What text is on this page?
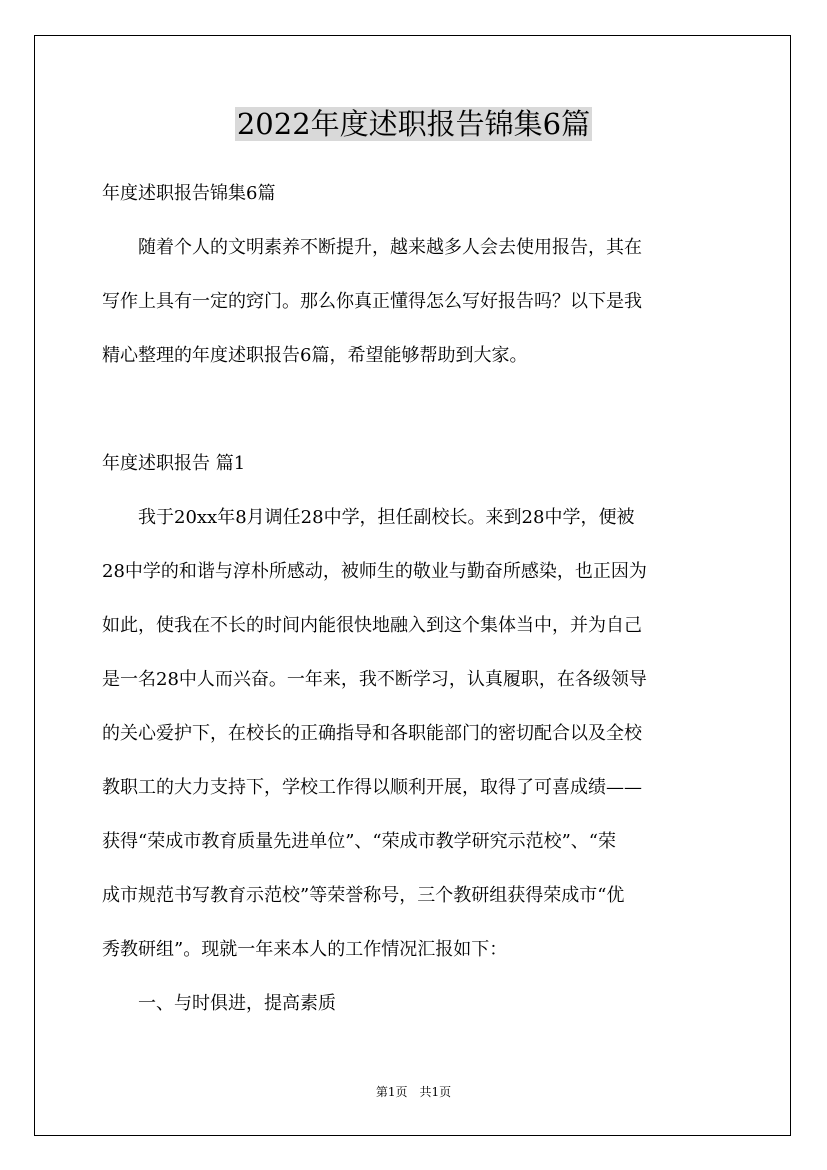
2022年度述职报告锦集6篇
年度述职报告锦集6篇
　　随着个人的文明素养不断提升，越来越多人会去使用报告，其在
写作上具有一定的窍门。那么你真正懂得怎么写好报告吗？以下是我
精心整理的年度述职报告6篇，希望能够帮助到大家。
年度述职报告 篇1
　　我于20xx年8月调任28中学，担任副校长。来到28中学，便被
28中学的和谐与淳朴所感动，被师生的敬业与勤奋所感染，也正因为
如此，使我在不长的时间内能很快地融入到这个集体当中，并为自己
是一名28中人而兴奋。一年来，我不断学习，认真履职，在各级领导
的关心爱护下，在校长的正确指导和各职能部门的密切配合以及全校
教职工的大力支持下，学校工作得以顺利开展，取得了可喜成绩——
获得“荣成市教育质量先进单位”、“荣成市教学研究示范校”、“荣
成市规范书写教育示范校”等荣誉称号，三个教研组获得荣成市“优
秀教研组”。现就一年来本人的工作情况汇报如下：
　　一、与时俱进，提高素质
第1页　共1页
